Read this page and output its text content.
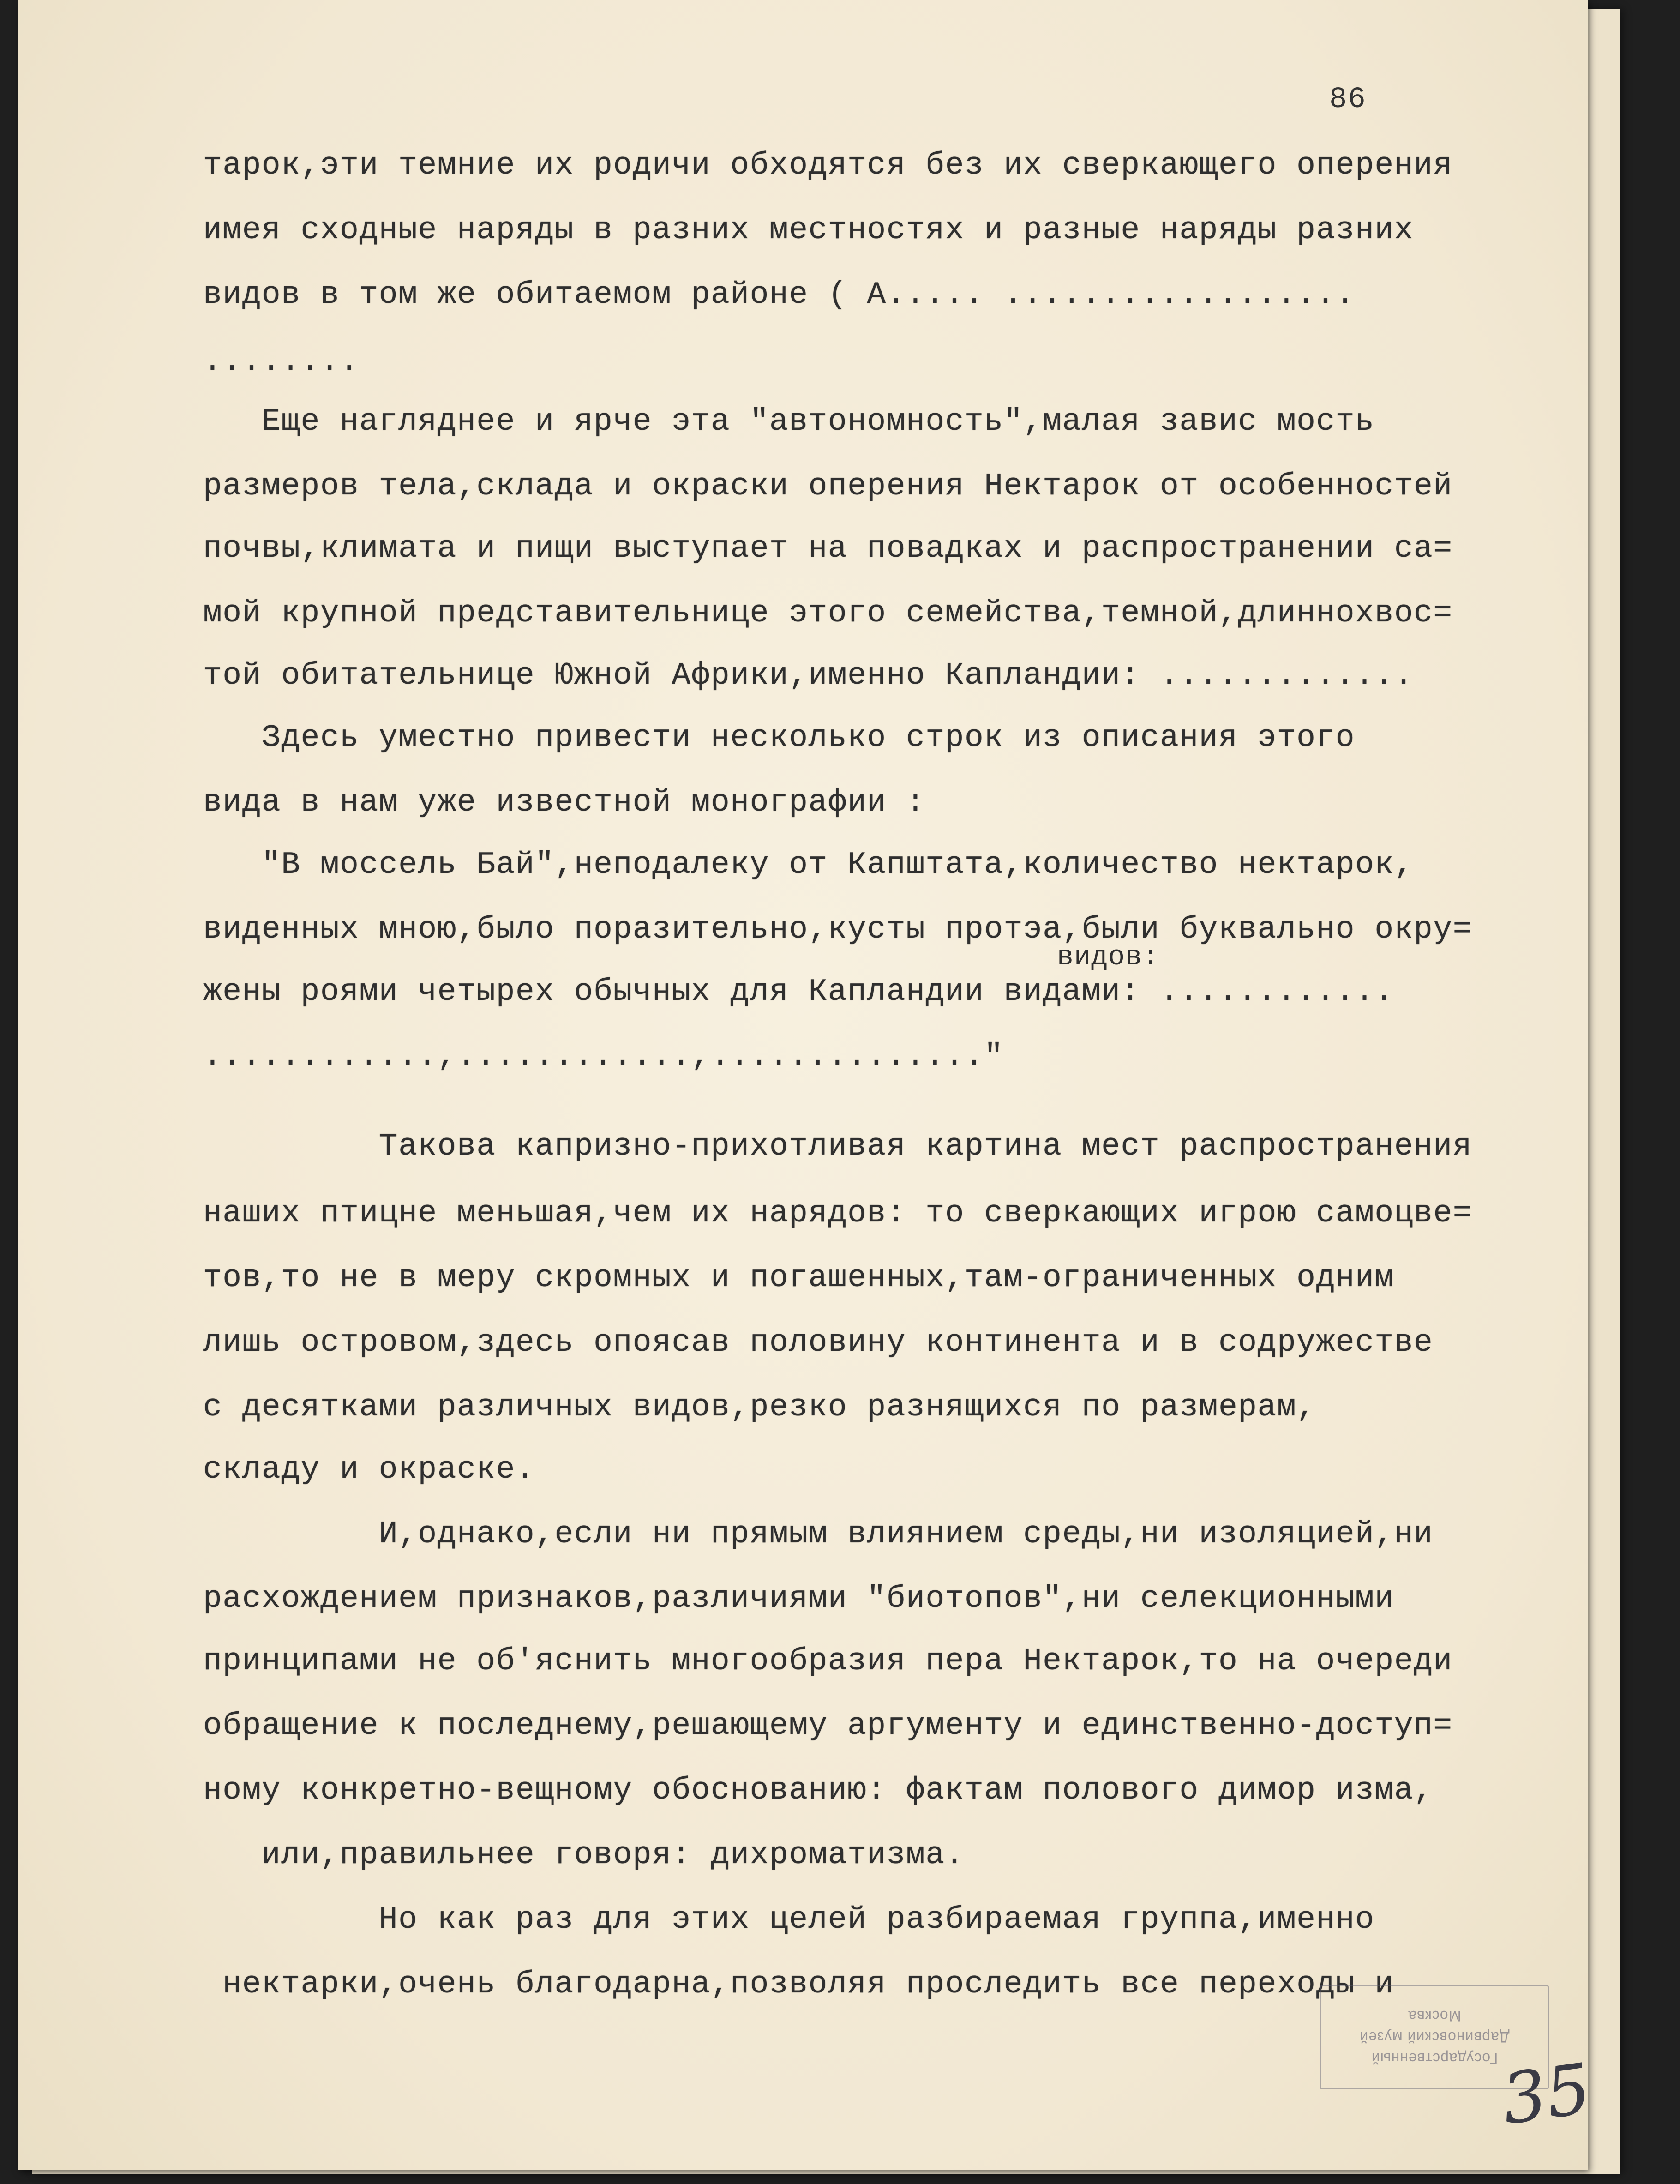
86
тарок,эти темние их родичи обходятся без их сверкающего оперения
имея сходные наряды в разних местностях и разные наряды разних
видов в том же обитаемом районе ( А..... ..................
........
Еще нагляднее и ярче эта "автономность",малая завис мость
размеров тела,склада и окраски оперения Нектарок от особенностей
почвы,климата и пищи выступает на повадках и распространении са=
мой крупной представительнице этого семейства,темной,длиннохвос=
той обитательнице Южной Африки,именно Капландии: .............
Здесь уместно привести несколько строк из описания этого
вида в нам уже известной монографии :
"В моссель Бай",неподалеку от Капштата,количество нектарок,
виденных мною,было поразительно,кусты протэа,были буквально окру=
видов:
жены роями четырех обычных для Капландии видами: ............
............,............,.............."
Такова капризно-прихотливая картина мест распространения
наших птицне меньшая,чем их нарядов: то сверкающих игрою самоцве=
тов,то не в меру скромных и погашенных,там-ограниченных одним
лишь островом,здесь опоясав половину континента и в содружестве
с десятками различных видов,резко разнящихся по размерам,
складу и окраске.
И,однако,если ни прямым влиянием среды,ни изоляцией,ни
расхождением признаков,различиями "биотопов",ни селекционными
принципами не об'яснить многообразия пера Нектарок,то на очереди
обращение к последнему,решающему аргументу и единственно-доступ=
ному конкретно-вещному обоснованию: фактам полового димор изма,
или,правильнее говоря: дихроматизма.
Но как раз для этих целей разбираемая группа,именно
нектарки,очень благодарна,позволяя проследить все переходы и
Государственный
Дарвиновский музей
Москва
35
